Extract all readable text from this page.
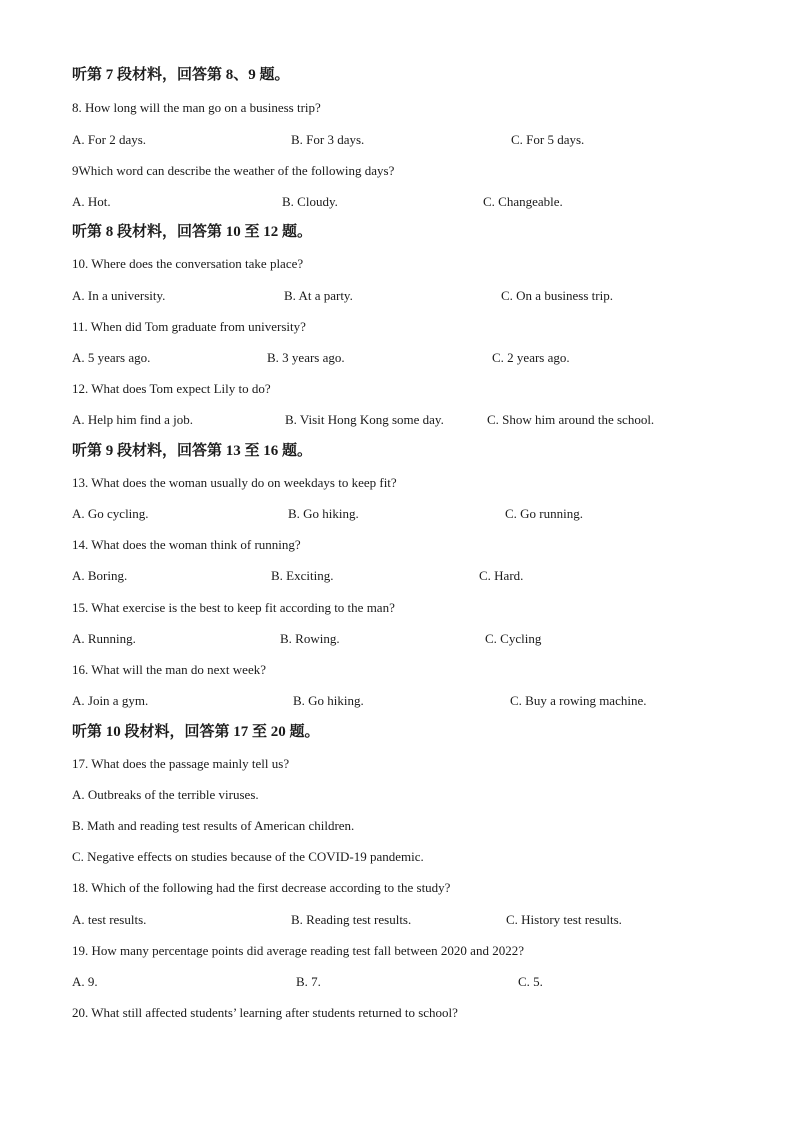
听第 7 段材料，回答第 8、9 题。
8. How long will the man go on a business trip?
A. For 2 days.	B. For 3 days.	C. For 5 days.
9Which word can describe the weather of the following days?
A. Hot.	B. Cloudy.	C. Changeable.
听第 8 段材料，回答第 10 至 12 题。
10. Where does the conversation take place?
A. In a university.	B. At a party.	C. On a business trip.
11. When did Tom graduate from university?
A. 5 years ago.	B. 3 years ago.	C. 2 years ago.
12. What does Tom expect Lily to do?
A. Help him find a job.	B. Visit Hong Kong some day.	C. Show him around the school.
听第 9 段材料，回答第 13 至 16 题。
13. What does the woman usually do on weekdays to keep fit?
A. Go cycling.	B. Go hiking.	C. Go running.
14. What does the woman think of running?
A. Boring.	B. Exciting.	C. Hard.
15. What exercise is the best to keep fit according to the man?
A. Running.	B. Rowing.	C. Cycling
16. What will the man do next week?
A. Join a gym.	B. Go hiking.	C. Buy a rowing machine.
听第 10 段材料，回答第 17 至 20 题。
17. What does the passage mainly tell us?
A. Outbreaks of the terrible viruses.
B. Math and reading test results of American children.
C. Negative effects on studies because of the COVID-19 pandemic.
18. Which of the following had the first decrease according to the study?
A. test results.	B. Reading test results.	C. History test results.
19. How many percentage points did average reading test fall between 2020 and 2022?
A. 9.	B. 7.	C. 5.
20. What still affected students’ learning after students returned to school?
